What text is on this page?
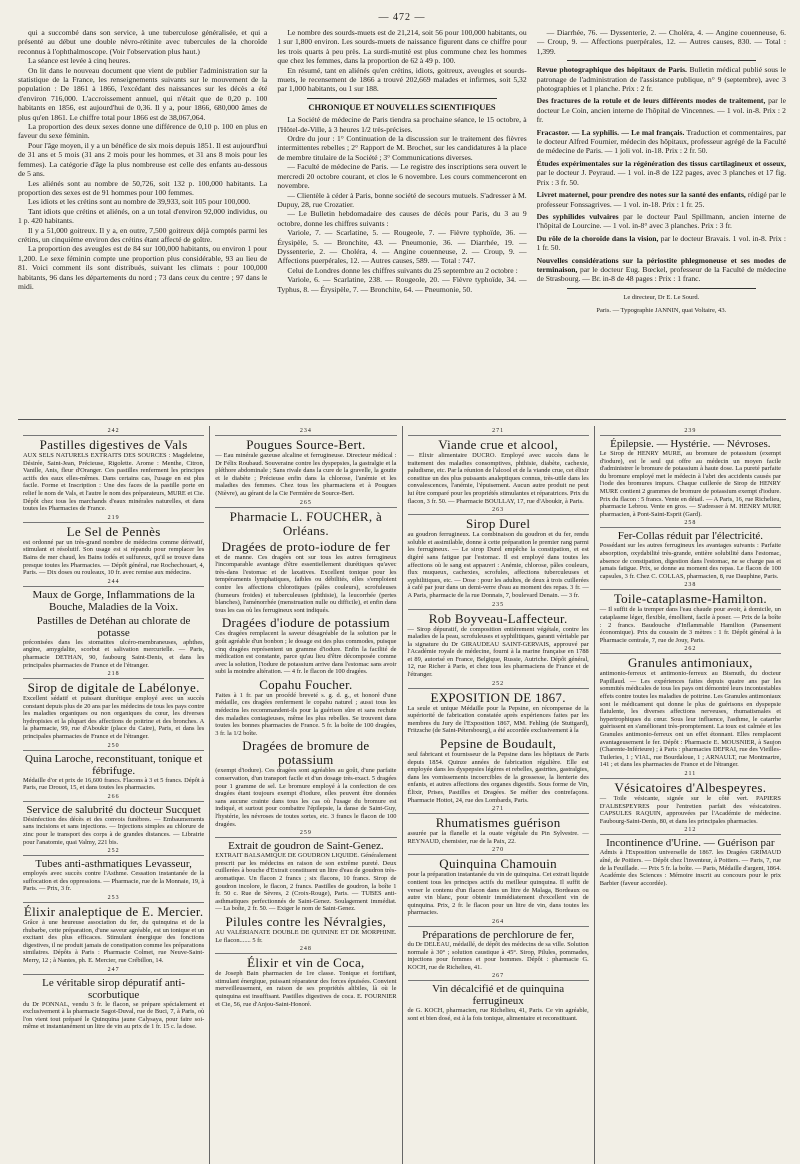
— 472 —

qui a succombé dans son service, à une tuberculose généralisée, et qui a présenté au début une double névro-rétinite avec tubercules de la choroïde reconnus à l'ophthalmoscope. (Voir l'observation plus haut.)

La séance est levée à cinq heures.

On lit dans le nouveau document que vient de publier l'administration sur la statistique de la France, les renseignements suivants sur le mouvement de la population : De 1861 à 1866, l'excédant des naissances sur les décès a été d'environ 716,000. L'accroissement annuel, qui n'était que de 0,20 p. 100 habitants en 1856, est aujourd'hui de 0,36. Il y a, pour 1866, 680,000 âmes de plus qu'en 1861. Le chiffre total pour 1866 est de 38,067,064.

La proportion des deux sexes donne une différence de 0,10 p. 100 en plus en faveur du sexe féminin.

Pour l'âge moyen, il y a un bénéfice de six mois depuis 1851. Il est aujourd'hui de 31 ans et 5 mois (31 ans 2 mois pour les hommes, et 31 ans 8 mois pour les femmes). La catégorie d'âge la plus nombreuse est celle des enfants au-dessous de 5 ans.

Les aliénés sont au nombre de 50,726, soit 132 p. 100,000 habitants. La proportion des sexes est de 91 hommes pour 100 femmes.

Les idiots et les crétins sont au nombre de 39,933, soit 105 pour 100,000.

Tant idiots que crétins et aliénés, on a un total d'environ 92,000 individus, ou 1 p. 420 habitants.

Il y a 51,000 goitreux. Il y a, en outre, 7,500 goitreux déjà comptés parmi les crétins, un cinquième environ des crétins étant affecté de goître.

La proportion des aveugles est de 84 sur 100,000 habitants, ou environ 1 pour 1,200. Le sexe féminin compte une proportion plus considérable, 93 au lieu de 81. Voici comment ils sont distribués, suivant les climats : pour 100,000 habitants, 96 dans les départements du nord ; 73 dans ceux du centre ; 97 dans le midi.

Le nombre des sourds-muets est de 21,214, soit 56 pour 100,000 habitants, ou 1 sur 1,800 environ. Les sourds-muets de naissance figurent dans ce chiffre pour les trois quarts à peu près. La surdi-mutité est plus commune chez les hommes que chez les femmes, dans la proportion de 62 à 49 p. 100.

En résumé, tant en aliénés qu'en crétins, idiots, goitreux, aveugles et sourds-muets, le recensement de 1866 a trouvé 202,669 malades et infirmes, soit 5,32 par 1,000 habitants, ou 1 sur 188.

CHRONIQUE ET NOUVELLES SCIENTIFIQUES

La Société de médecine de Paris tiendra sa prochaine séance, le 15 octobre, à l'Hôtel-de-Ville, à 3 heures 1/2 très-précises.

Ordre du jour : 1° Continuation de la discussion sur le traitement des fièvres intermittentes rebelles ; 2° Rapport de M. Brochet, sur les candidatures à la place de membre titulaire de la Société ; 3° Communications diverses.

— Faculté de médecine de Paris. — Le registre des inscriptions sera ouvert le mercredi 20 octobre courant, et clos le 6 novembre. Les cours commenceront en novembre.

— Clientèle à céder à Paris, bonne société de secours mutuels. S'adresser à M. Dupuy, 28, rue Crozatier.

— Le Bulletin hebdomadaire des causes de décès pour Paris, du 3 au 9 octobre, donne les chiffres suivants :

Variole, 7. — Scarlatine, 5. — Rougeole, 7. — Fièvre typhoïde, 36. — Érysipèle, 5. — Bronchite, 43. — Pneumonie, 36. — Diarrhée, 19. — Dyssenterie, 2. — Choléra, 4. — Angine couenneuse, 2. — Croup, 9. — Affections puerpérales, 12. — Autres causes, 589. — Total : 747.

Celui de Londres donne les chiffres suivants du 25 septembre au 2 octobre :

Variole, 6. — Scarlatine, 238. — Rougeole, 20. — Fièvre typhoïde, 34. — Typhus, 8. — Érysipèle, 7. — Bronchite, 64. — Pneumonie, 50.

— Diarrhée, 76. — Dyssenterie, 2. — Choléra, 4. — Angine couenneuse, 6. — Croup, 9. — Affections puerpérales, 12. — Autres causes, 830. — Total : 1,399.

Revue photographique des hôpitaux de Paris. Bulletin médical publié sous le patronage de l'administration de l'assistance publique, n° 9 (septembre), avec 3 photographies et 1 planche. Prix : 2 fr.
Des fractures de la rotule et de leurs différents modes de traitement, par le docteur Le Coin, ancien interne de l'hôpital de Vincennes. — 1 vol. in-8. Prix : 2 fr.
Fracastor. — La syphilis. — Le mal français. Traduction et commentaires, par le docteur Alfred Fournier, médecin des hôpitaux, professeur agrégé de la Faculté de médecine de Paris. — 1 joli vol. in-18. Prix : 2 fr. 50.
Études expérimentales sur la régénération des tissus cartilagineux et osseux, par le docteur J. Peyraud. — 1 vol. in-8 de 122 pages, avec 3 planches et 17 fig. Prix : 3 fr. 50.
Livret maternel, pour prendre des notes sur la santé des enfants, rédigé par le professeur Fonssagrives. — 1 vol. in-18. Prix : 1 fr. 25.
Des syphilides vulvaires par le docteur Paul Spillmann, ancien interne de l'hôpital de Lourcine. — 1 vol. in-8° avec 3 planches. Prix : 3 fr.
Du rôle de la choroïde dans la vision, par le docteur Bravais. 1 vol. in-8. Prix : 1 fr. 50.
Nouvelles considérations sur la périostite phlegmoneuse et ses modes de terminaison, par le docteur Eug. Bœckel, professeur de la Faculté de médecine de Strasbourg. — Br. in-8 de 48 pages : Prix : 1 franc.
Le directeur, Dr E. Le Sourd.
Paris. — Typographie JANNIN, quai Voltaire, 43.
242
Pastilles digestives de Vals
AUX SELS NATURELS EXTRAITS DES SOURCES : Magdeleine, Désirée, Saint-Jean, Précieuse, Rigolette. Arome : Menthe, Citron, Vanille, Anis, fleur d'Oranger. Ces pastilles renferment les principes actifs des eaux elles-mêmes. Dans certains cas, l'usage en est plus facile. Forme et Inscription : Une des faces de la pastille porte en relief le nom de Vals, et l'autre le nom des préparateurs, MURE et Cie. Dépôt chez tous les marchands d'eaux minérales naturelles, et dans toutes les Pharmacies de France.
219
Le Sel de Pennès
est ordonné par un très-grand nombre de médecins comme dérivatif, stimulant et résolutif. Son usage est si répandu pour remplacer les Bains de mer chaud, les Bains iodés et sulfureux, qu'il se trouve dans presque toutes les Pharmacies. — Dépôt général, rue Rochechouart, 4, Paris. — Dix doses ou rouleaux, 10 fr. avec remise aux médecins.
244
Maux de Gorge, Inflammations de la Bouche, Maladies de la Voix.
Pastilles de Detéhan au chlorate de potasse
préconisées dans les stomatites ulcéro-membraneuses, aphthes, angine, amygdalite, scorbut et salivation mercurielle. — Paris, pharmacie DETHAN, 90, faubourg Saint-Denis, et dans les principales pharmacies de France et de l'étranger.
218
Sirop de digitale de Labélonye.
Excellent sédatif et puissant diurétique employé avec un succès constant depuis plus de 20 ans par les médecins de tous les pays contre les maladies organiques ou non organiques du cœur, les diverses hydropisies et la plupart des affections de poitrine et des bronches. A la pharmacie, 99, rue d'Aboukir (place du Caire), Paris, et dans les principales pharmacies de France et de l'étranger.
250
Quina Laroche, reconstituant, tonique et fébrifuge.
Médaille d'or et prix de 16,600 francs. Flacons à 3 et 5 francs. Dépôt à Paris, rue Drouot, 15, et dans toutes les pharmacies.
266
Service de salubrité du docteur Sucquet
Désinfection des décès et des convois funèbres. — Embaumements sans incisions et sans injections. — Injections simples au chlorure de zinc pour le transport des corps à de grandes distances. — Librairie pour l'anatomie, quai Valmy, 221 bis.
252
Tubes anti-asthmatiques Levasseur,
employés avec succès contre l'Asthme. Cessation instantanée de la suffocation et des oppressions. — Pharmacie, rue de la Monnaie, 19, à Paris. — Prix, 3 fr.
253
Élixir analeptique de E. Mercier.
Grâce à une heureuse association du fer, du quinquina et de la rhubarbe, cette préparation, d'une saveur agréable, est un tonique et un excitant des plus efficaces. Stimulant énergique des fonctions digestives, il ne produit jamais de constipation comme les préparations similaires. Dépôts à Paris : Pharmacie Colmet, rue Neuve-Saint-Merry, 12 ; à Nantes, ph. E. Mercier, rue Crébillon, 14.
247
Le véritable sirop dépuratif anti-scorbutique
du Dr PONNAL, vendu 3 fr. le flacon, se prépare spécialement et exclusivement à la pharmacie Sagot-Duval, rue de Buci, 7, à Paris, où l'on vient tout préparé le Quinquina jaune Calysaya, pour faire soi-même et instantanément un litre de vin au prix de 1 fr. 15 c. la dose.
234
Pougues Source-Bert.
— Eau minérale gazeuse alcaline et ferrugineuse. Directeur médical : Dr Félix Roubaud. Souveraine contre les dyspepsies, la gastralgie et la pléthore abdominale ; Sans rivale dans la cure de la gravelle, la goutte et le diabète ; Précieuse enfin dans la chlorose, l'anémie et les maladies des femmes. Chez tous les pharmaciens et à Pougues (Nièvre), au gérant de la Cie Fermière de Source-Bert.
265
Pharmacie L. FOUCHER, à Orléans.
Dragées de proto-iodure de fer
et de manne. Ces dragées ont sur tous les autres ferrugineux l'incomparable avantage d'être essentiellement diurétiques qu'avec très-dans l'estomac et de laxatives. Excellent tonique pour les tempéraments lymphatiques, faibles ou débilités, elles s'emploient contre les affections chlorotiques (pâles couleurs), scrofuleuses (humeurs froides) et tuberculeuses (phthisie), la leucorrhée (pertes blanches), l'aménorrhée (menstruation nulle ou difficile), et enfin dans tous les cas où les ferrugineux sont indiqués.
Dragées d'iodure de potassium
Ces dragées remplacent la saveur désagréable de la solution par le goût agréable d'un bonbon ; le dosage est des plus commodes, puisque cinq dragées représentent un gramme d'iodure. Enfin la facilité de médication est constante, parce qu'au lieu d'être décomposée comme avec la solution, l'iodure de potassium arrive dans l'estomac sans avoir subi la moindre altération. — 4 fr. le flacon de 100 dragées.
Copahu Foucher.
Faites à 1 fr. par un procédé breveté s. g. d. g., et honoré d'une médaille, ces dragées renferment le copahu naturel ; aussi tous les médecins les recommandent-ils pour la guérison sûre et sans rechute des maladies contagieuses, même les plus rebelles. Se trouvent dans toutes les bonnes pharmacies de France. 5 fr. la boîte de 100 dragées, 3 fr. la 1/2 boîte.
Dragées de bromure de potassium
(exempt d'iodure). Ces dragées sont agréables au goût, d'une parfaite conservation, d'un transport facile et d'un dosage très-exact. 5 dragées pour 1 gramme de sel. Le bromure employé à la confection de ces dragées étant toujours exempt d'iodure, elles peuvent être données sans aucune crainte dans tous les cas où l'usage du bromure est indiqué, et surtout pour combattre l'épilepsie, la danse de Saint-Guy, l'hystérie, les névroses de toutes sortes, etc. 3 francs le flacon de 100 dragées.
259
Extrait de goudron de Saint-Genez.
EXTRAIT BALSAMIQUE DE GOUDRON LIQUIDE. Généralement prescrit par les médecins en raison de son extrême pureté. Deux cuillerées à bouche d'Extrait constituent un litre d'eau de goudron très-aromatique. Un flacon 2 francs ; six flacons, 10 francs. Sirop de goudron incolore, le flacon, 2 francs. Pastilles de goudron, la boîte 1 fr. 50 c. Rue de Sèvres, 2 (Croix-Rouge), Paris. — TUBES anti-asthmatiques perfectionnés de Saint-Genez. Soulagement immédiat. — La boîte, 2 fr. 50. — Exiger le nom de Saint-Genez.
Pilules contre les Névralgies,
AU VALÉRIANATE DOUBLE DE QUININE ET DE MORPHINE. Le flacon....... 5 fr.
248
Élixir et vin de Coca,
de Joseph Bain pharmacien de 1re classe. Tonique et fortifiant, stimulant énergique, puissant réparateur des forces épuisées. Convient merveilleusement, en raison de ses propriétés alibiles, là où le quinquina est insuffisant. Pastilles digestives de coca. E. FOURNIER et Cie, 56, rue d'Anjou-Saint-Honoré.
271
Viande crue et alcool,
— Elixir alimentaire DUCRO. Employé avec succès dans le traitement des maladies consomptives, phthisie, diabète, cachexie, paludisme, etc. Par la réunion de l'alcool et de la viande crue, cet élixir constitue un des plus puissants analeptiques connus, très-utile dans les convalescences, l'anémie, l'épuisement. Aucun autre produit ne peut lui être comparé pour les propriétés stimulantes et réparatrices. Prix du flacon, 3 fr. 50. — Pharmacie BOULLAY, 17, rue d'Aboukir, à Paris.
263
Sirop Durel
au goudron ferrugineux. La combinaison du goudron et du fer, rendu soluble et assimilable, donne à cette préparation le premier rang parmi les ferrugineux. — Le sirop Durel empêche la constipation, et est digéré sans fatigue par l'estomac. Il est employé dans toutes les affections où le sang est appauvri : Anémie, chlorose, pâles couleurs, flux muqueux, cachexies, scrofules, affections tuberculeuses et syphilitiques, etc. — Dose : pour les adultes, de deux à trois cuillerées à café par jour dans un demi-verre d'eau au moment des repas. 3 fr. — A Paris, pharmacie de la rue Donnais, 7, boulevard Denain. — 3 fr.
235
Rob Boyveau-Laffecteur.
— Sirop dépuratif, de composition entièrement végétale, contre les maladies de la peau, scrofuleuses et syphilitiques, garanti véritable par la signature du Dr GIRAUDEAU SAINT-GERVAIS, approuvé par l'Académie royale de médecine, fourni à la marine française en 1788 et 89, autorisé en France, Belgique, Russie, Autriche. Dépôt général, 12, rue Richer à Paris, et chez tous les pharmaciens de France et de l'étranger.
252
EXPOSITION DE 1867.
La seule et unique Médaille pour la Pepsine, en récompense de la supériorité de fabrication constatée après expériences faites par les membres du Jury de l'Exposition 1867, MM. Fehling (de Stuttgard), Fritzsche (de Saint-Pétersbourg), a été accordée exclusivement à la
Pepsine de Boudault,
seul fabricant et fournisseur de la Pepsine dans les hôpitaux de Paris depuis 1854. Quinze années de fabrication régulière. Elle est employée dans les dyspepsies légères et rebelles, gastrites, gastralgies, dans les vomissements incoercibles de la grossesse, la lienterie des enfants, et autres affections des organes digestifs. Sous forme de Vin, Élixir, Prises, Pastilles et Dragées. Se méfier des contrefaçons. Pharmacie Hottot, 24, rue des Lombards, Paris.
271
Rhumatismes guérison
assurée par la flanelle et la ouate végétale du Pin Sylvestre. — REYNAUD, chemisier, rue de la Paix, 22.
270
Quinquina Chamouin
pour la préparation instantanée du vin de quinquina. Cet extrait liquide contient tous les principes actifs du meilleur quinquina. Il suffit de verser le contenu d'un flacon dans un litre de Malaga, Bordeaux ou autre vin blanc, pour obtenir immédiatement d'excellent vin de quinquina. Prix, 2 fr. le flacon pour un litre de vin, dans toutes les pharmacies.
264
Préparations de perchlorure de fer,
du Dr DELEAU, médaillé, de dépôt des médecins de sa ville. Solution normale à 30° ; solution caustique à 45°. Sirop, Pilules, pommades, injections pour femmes et pour hommes. Dépôt : pharmacie G. KOCH, rue de Richelieu, 41.
267
Vin décalcifié et de quinquina ferrugineux
de G. KOCH, pharmacien, rue Richelieu, 41, Paris. Ce vin agréable, sont et bien dosé, est à la fois tonique, alimentaire et reconstituant.
239
Épilepsie. — Hystérie. — Névroses.
Le Sirop de HENRY MURE, au bromure de potassium (exempt d'iodure), est le seul qui offre au médecin un moyen facile d'administrer le bromure de potassium à haute dose. La pureté parfaite du bromure employé met le médecin à l'abri des accidents causés par l'iode des bromures impurs. Chaque cuillerée de Sirop de HENRY MURE contient 2 grammes de bromure de potassium exempt d'iodure. Prix du flacon : 5 francs. Vente en détail. — A Paris, 16, rue Richelieu, pharmacie Lebrou. Vente en gros. — S'adresser à M. HENRY MURE pharmacien, à Pont-Saint-Esprit (Gard).
258
Fer-Collas réduit par l'électricité.
Possédant sur les autres ferrugineux les avantages suivants : Parfaite absorption, oxydabilité très-grande, entière solubilité dans l'estomac, absence de constipation, digestion dans l'estomac, ne se charge pas et jamais fatigue. Prix, se donne au moment des repas. Le flacon de 100 capsules, 3 fr. Chez C. COLLAS, pharmacien, 8, rue Dauphine, Paris.
238
Toile-cataplasme-Hamilton.
— Il suffit de la tremper dans l'eau chaude pour avoir, à domicile, un cataplasme léger, flexible, émollient, facile à poser. — Prix de la boîte : 2 francs. Baudouche d'Inflammable Hamilton (Pansement économique). Prix du coussin de 3 mètres : 1 fr. Dépôt général à la Pharmacie centrale, 7, rue de Jouy, Paris.
262
Granules antimoniaux,
antimonio-ferreux et antimonio-ferreux au Bismuth, du docteur Papillaud. — Les expériences faites depuis quatre ans par les sommités médicales de tous les pays ont démontré leurs incontestables effets contre toutes les maladies de poitrine. Les Granules antimoniaux sont le médicament qui donne le plus de guérisons en dyspepsie flatulente, les diverses affections nerveuses, rhumatismales et hypertrophiques du cœur. Sous leur influence, l'asthme, le catarrhe guérissent en s'améliorant très-promptement. La toux est calmée et les Granules antimonio-ferreux ont un effet étonnant. Elles remplacent avantageusement le fer. Dépôt : Pharmacie E. MOUSNIER, à Saujon (Charente-Inférieure) ; à Paris : pharmacies DEFRAI, rue des Vieilles-Tuileries, 1 ; VIAL, rue Bourdaloue, 1 ; ARNAULT, rue Montmartre, 141 ; et dans les pharmacies de France et de l'étranger.
211
Vésicatoires d'Albespeyres.
— Toile vésicante, signée sur le côté vert. PAPIERS D'ALBESPEYRES pour l'entretien parfait des vésicatoires. CAPSULES RAQUIN, approuvées par l'Académie de médecine. Faubourg-Saint-Denis, 80, et dans les principales pharmacies.
212
Incontinence d'Urine. — Guérison par
Admis à l'Exposition universelle de 1867. les Dragées GRIMAUD aîné, de Poitiers. — Dépôt chez l'inventeur, à Poitiers. — Paris, 7, rue de la Feuillade. — Prix 5 fr. la boîte. — Paris, Médaille d'argent, 1864. Académie des Sciences : Mémoire inscrit au concours pour le prix Barbier (faveur accordée).
